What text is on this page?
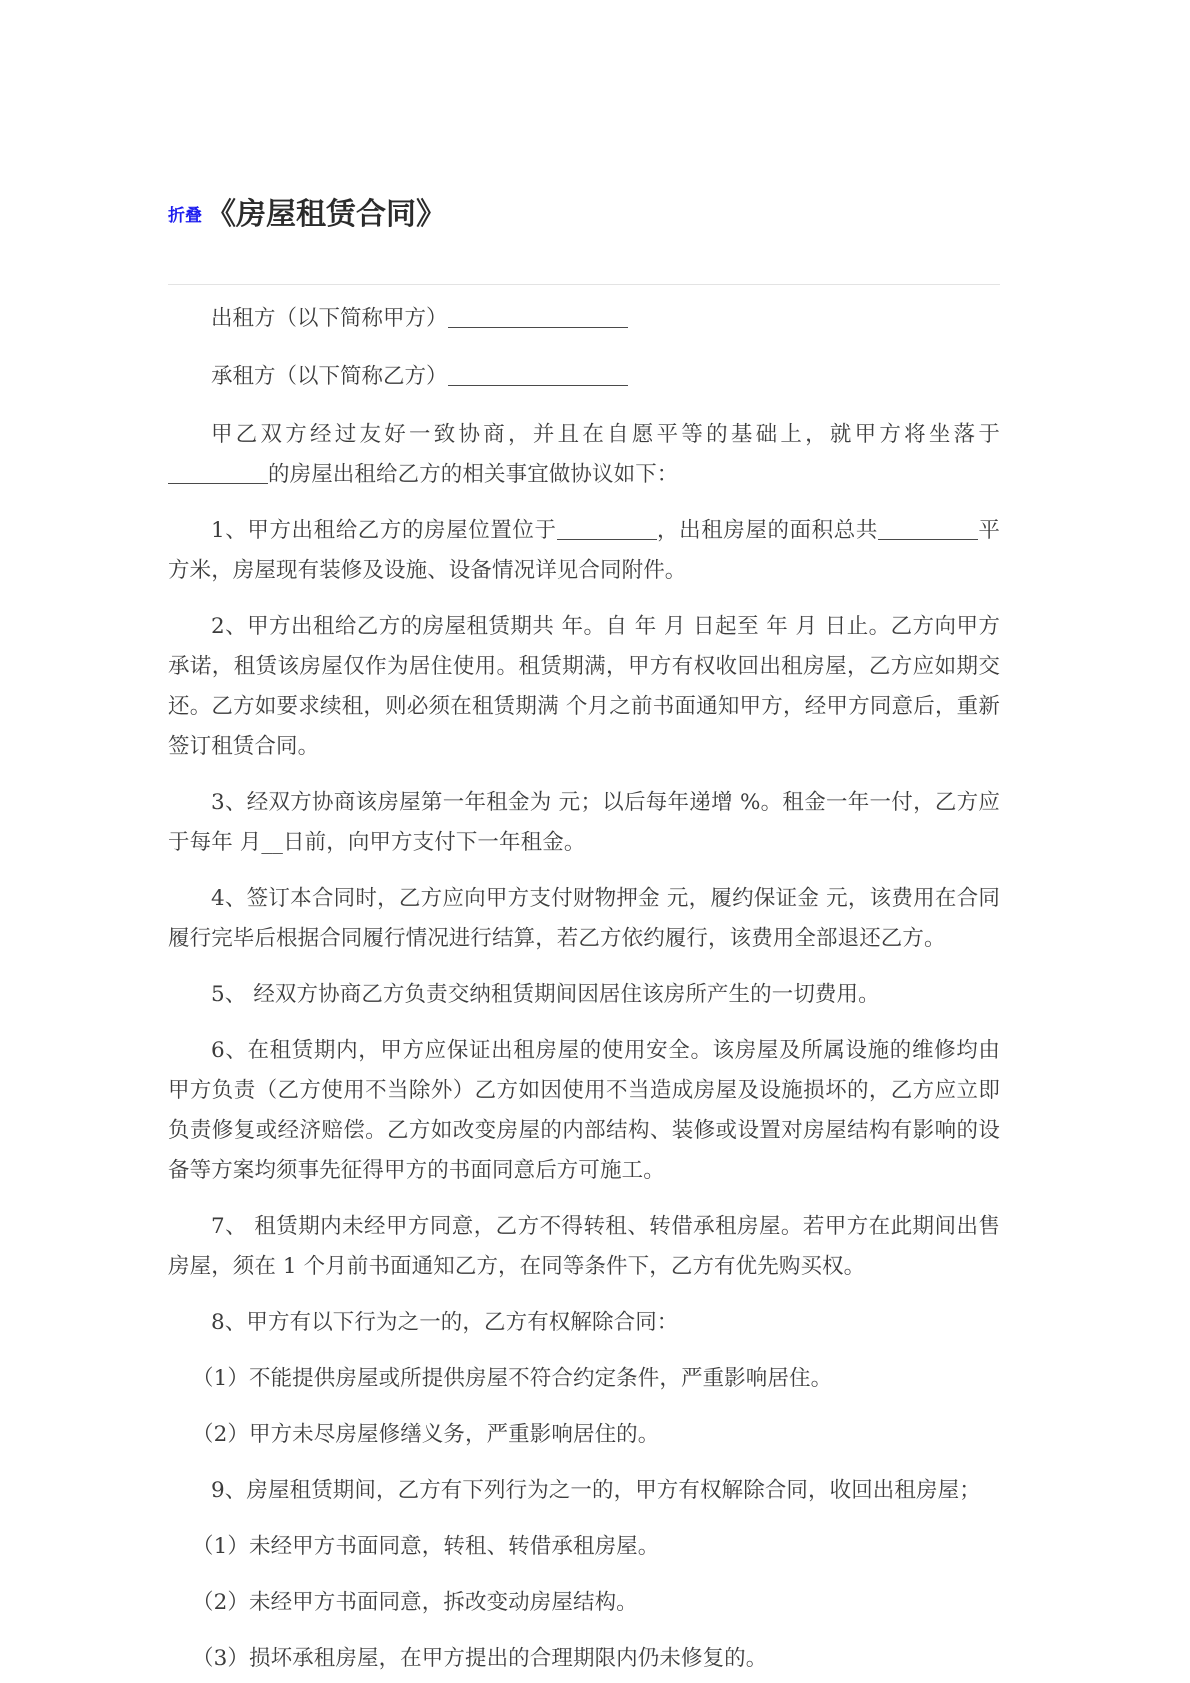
折叠 《房屋租赁合同》

出租方（以下简称甲方）

承租方（以下简称乙方）

甲乙双方经过友好一致协商，并且在自愿平等的基础上，就甲方将坐落于的房屋出租给乙方的相关事宜做协议如下：

1、甲方出租给乙方的房屋位置位于	，出租房屋的面积总共	平方米，房屋现有装修及设施、设备情况详见合同附件。

2、甲方出租给乙方的房屋租赁期共 年。自 年 月 日起至 年 月 日止。乙方向甲方承诺，租赁该房屋仅作为居住使用。租赁期满，甲方有权收回出租房屋，乙方应如期交还。乙方如要求续租，则必须在租赁期满 个月之前书面通知甲方，经甲方同意后，重新签订租赁合同。

3、经双方协商该房屋第一年租金为 元；以后每年递增 %。租金一年一付，乙方应于每年 月__日前，向甲方支付下一年租金。

4、签订本合同时，乙方应向甲方支付财物押金 元，履约保证金 元，该费用在合同履行完毕后根据合同履行情况进行结算，若乙方依约履行，该费用全部退还乙方。

5、 经双方协商乙方负责交纳租赁期间因居住该房所产生的一切费用。

6、在租赁期内，甲方应保证出租房屋的使用安全。该房屋及所属设施的维修均由甲方负责（乙方使用不当除外）乙方如因使用不当造成房屋及设施损坏的，乙方应立即负责修复或经济赔偿。乙方如改变房屋的内部结构、装修或设置对房屋结构有影响的设备等方案均须事先征得甲方的书面同意后方可施工。

7、 租赁期内未经甲方同意，乙方不得转租、转借承租房屋。若甲方在此期间出售房屋，须在 1 个月前书面通知乙方，在同等条件下，乙方有优先购买权。

8、甲方有以下行为之一的，乙方有权解除合同：

（1）不能提供房屋或所提供房屋不符合约定条件，严重影响居住。

（2）甲方未尽房屋修缮义务，严重影响居住的。

9、房屋租赁期间，乙方有下列行为之一的，甲方有权解除合同，收回出租房屋；

（1）未经甲方书面同意，转租、转借承租房屋。

（2）未经甲方书面同意，拆改变动房屋结构。

（3）损坏承租房屋，在甲方提出的合理期限内仍未修复的。
